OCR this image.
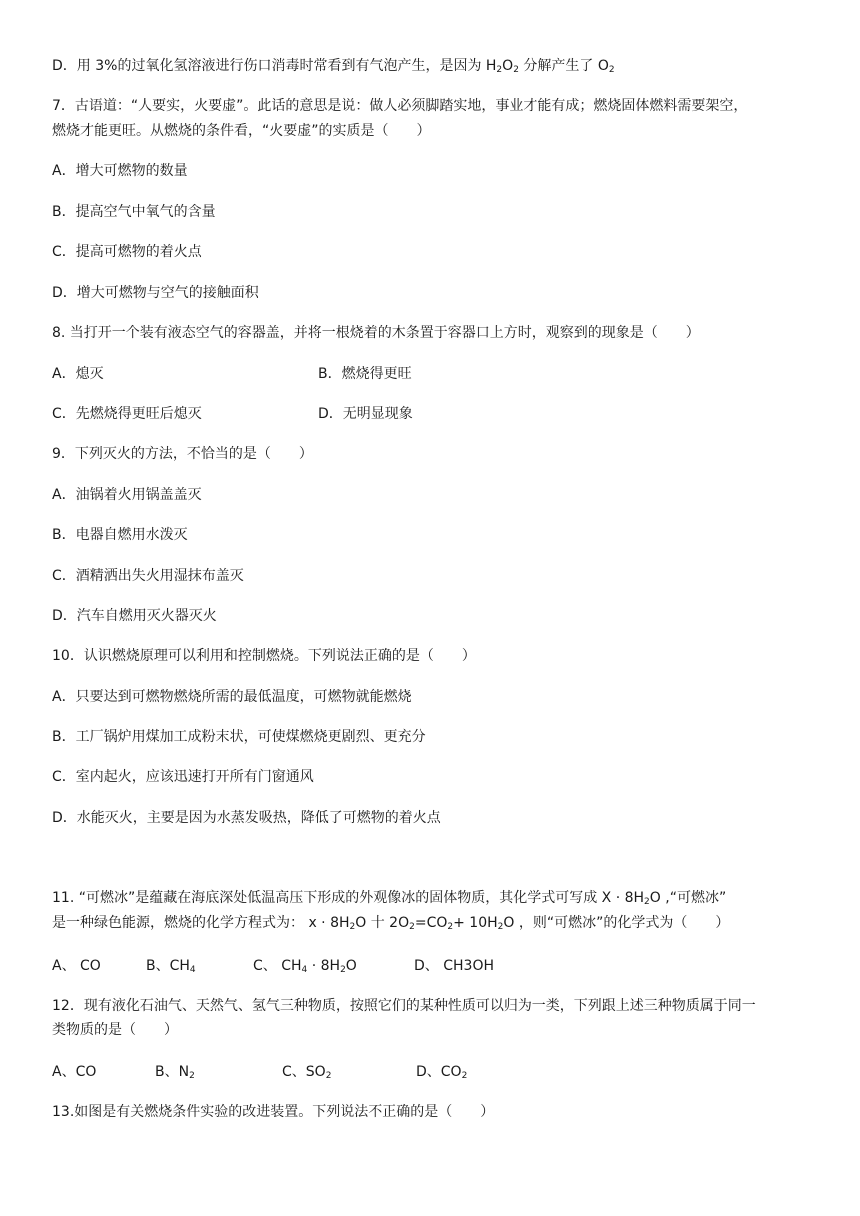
D．用 3%的过氧化氢溶液进行伤口消毒时常看到有气泡产生，是因为 $H_2O_2$ 分解产生了 $O_2$
7．古语道：“人要实，火要虚”。此话的意思是说：做人必须脚踏实地，事业才能有成；燃烧固体燃料需要架空，
燃烧才能更旺。从燃烧的条件看，“火要虚”的实质是（　　）
A．增大可燃物的数量
B．提高空气中氧气的含量
C．提高可燃物的着火点
D．增大可燃物与空气的接触面积
8. 当打开一个装有液态空气的容器盖，并将一根烧着的木条置于容器口上方时，观察到的现象是（　　）
A．熄灭	B．燃烧得更旺
C．先燃烧得更旺后熄灭	D．无明显现象
9．下列灭火的方法，不恰当的是（　　）
A．油锅着火用锅盖盖灭
B．电器自燃用水泼灭
C．酒精洒出失火用湿抹布盖灭
D．汽车自燃用灭火器灭火
10．认识燃烧原理可以利用和控制燃烧。下列说法正确的是（　　）
A．只要达到可燃物燃烧所需的最低温度，可燃物就能燃烧
B．工厂锅炉用煤加工成粉末状，可使煤燃烧更剧烈、更充分
C．室内起火，应该迅速打开所有门窗通风
D．水能灭火，主要是因为水蒸发吸热，降低了可燃物的着火点
11. “可燃冰”是蕴藏在海底深处低温高压下形成的外观像冰的固体物质，其化学式可写成 $X \cdot 8H_2O$ ,“可燃冰”
是一种绿色能源，燃烧的化学方程式为： $x \cdot 8H_2O$ 十 $2O_2=CO_2+ 10H_2O$ ，则“可燃冰”的化学式为（　　）
A、 CO	B、$CH_4$	C、 $CH_4 \cdot 8H_2O$	D、 CH3OH
12．现有液化石油气、天然气、氢气三种物质，按照它们的某种性质可以归为一类，下列跟上述三种物质属于同一
类物质的是（　　）
A、CO	B、$N_2$	C、$SO_2$	D、$CO_2$
13.如图是有关燃烧条件实验的改进装置。下列说法不正确的是（　　）
